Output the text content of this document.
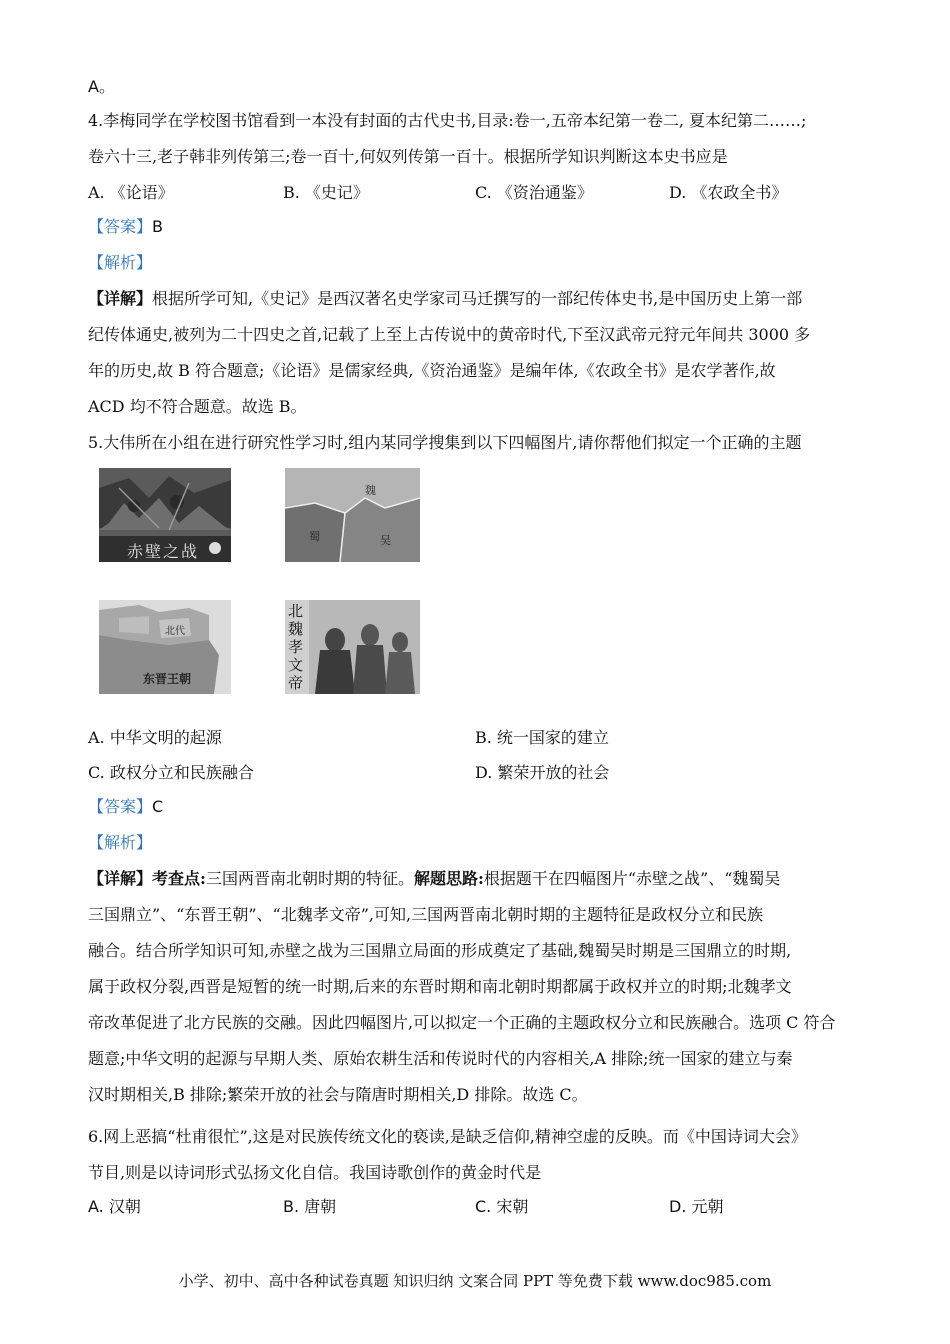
A。
4.李梅同学在学校图书馆看到一本没有封面的古代史书,目录:卷一,五帝本纪第一卷二, 夏本纪第二……;
卷六十三,老子韩非列传第三;卷一百十,何奴列传第一百十。根据所学知识判断这本史书应是
A. 《论语》	B. 《史记》	C. 《资治通鉴》	D. 《农政全书》
【答案】B
【解析】
【详解】根据所学可知,《史记》是西汉著名史学家司马迁撰写的一部纪传体史书,是中国历史上第一部
纪传体通史,被列为二十四史之首,记载了上至上古传说中的黄帝时代,下至汉武帝元狩元年间共 3000 多
年的历史,故 B 符合题意;《论语》是儒家经典,《资治通鉴》是编年体,《农政全书》是农学著作,故
ACD 均不符合题意。故选 B。
5.大伟所在小组在进行研究性学习时,组内某同学搜集到以下四幅图片,请你帮他们拟定一个正确的主题
赤壁之战
魏
蜀	吴
北代
东晋王朝
北魏孝文帝
A. 中华文明的起源	B. 统一国家的建立
C. 政权分立和民族融合	D. 繁荣开放的社会
【答案】C
【解析】
【详解】考查点:三国两晋南北朝时期的特征。解题思路:根据题干在四幅图片“赤壁之战”、“魏蜀吴
三国鼎立”、“东晋王朝”、“北魏孝文帝”,可知,三国两晋南北朝时期的主题特征是政权分立和民族
融合。结合所学知识可知,赤壁之战为三国鼎立局面的形成奠定了基础,魏蜀吴时期是三国鼎立的时期,
属于政权分裂,西晋是短暂的统一时期,后来的东晋时期和南北朝时期都属于政权并立的时期;北魏孝文
帝改革促进了北方民族的交融。因此四幅图片,可以拟定一个正确的主题政权分立和民族融合。选项 C 符合
题意;中华文明的起源与早期人类、原始农耕生活和传说时代的内容相关,A 排除;统一国家的建立与秦
汉时期相关,B 排除;繁荣开放的社会与隋唐时期相关,D 排除。故选 C。
6.网上恶搞“杜甫很忙”,这是对民族传统文化的亵读,是缺乏信仰,精神空虚的反映。而《中国诗词大会》
节目,则是以诗词形式弘扬文化自信。我国诗歌创作的黄金时代是
A. 汉朝	B. 唐朝	C. 宋朝	D. 元朝
小学、初中、高中各种试卷真题 知识归纳 文案合同 PPT 等免费下载 www.doc985.com
